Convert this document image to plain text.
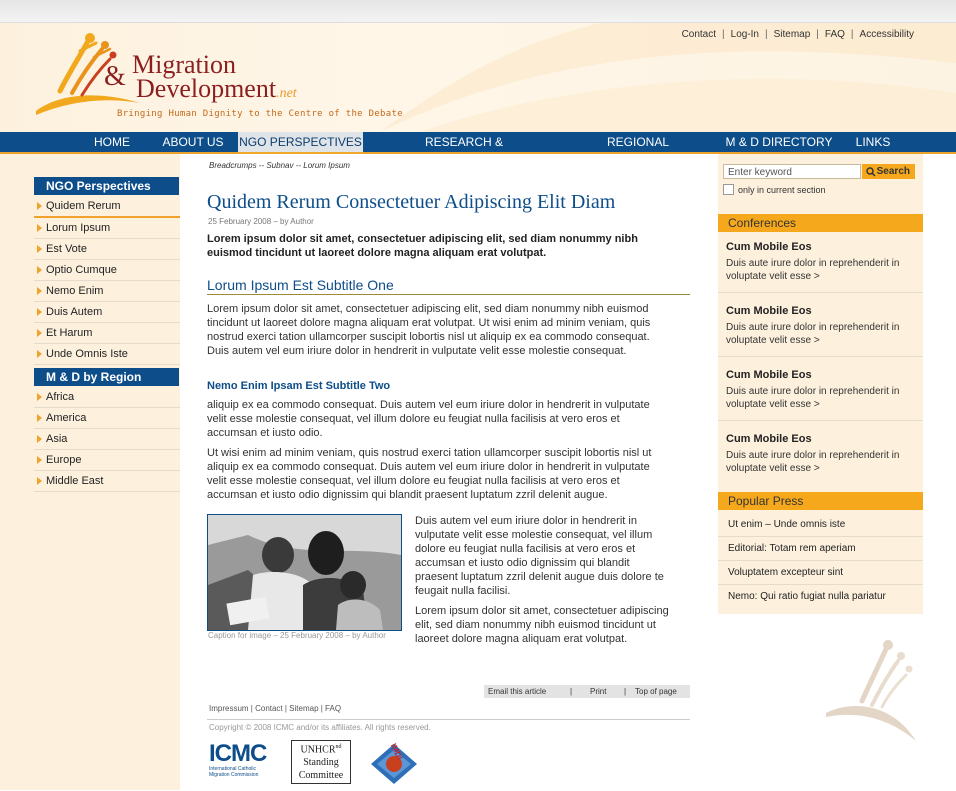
Contact | Log-In | Sitemap | FAQ | Accessibility
Migration
& Development.net
Bringing Human Dignity to the Centre of the Debate
HOME	ABOUT US	NGO PERSPECTIVES	RESEARCH & PUBLICATIONS
REGIONAL RESOURCES
M & D DIRECTORY	LINKS
NGO Perspectives
Quidem Rerum
Lorum Ipsum
Est Vote
Optio Cumque
Nemo Enim
Duis Autem
Et Harum
Unde Omnis Iste
M & D by Region
Africa
America
Asia
Europe
Middle East
Breadcrumps -- Subnav -- Lorum Ipsum
Quidem Rerum Consectetuer Adipiscing Elit Diam
25 February 2008 – by Author
Lorem ipsum dolor sit amet, consectetuer adipiscing elit, sed diam nonummy nibh
euismod tincidunt ut laoreet dolore magna aliquam erat volutpat.
Lorum Ipsum Est Subtitle One
Lorem ipsum dolor sit amet, consectetuer adipiscing elit, sed diam nonummy nibh euismod
tincidunt ut laoreet dolore magna aliquam erat volutpat. Ut wisi enim ad minim veniam, quis
nostrud exerci tation ullamcorper suscipit lobortis nisl ut aliquip ex ea commodo consequat.
Duis autem vel eum iriure dolor in hendrerit in vulputate velit esse molestie consequat.
Nemo Enim Ipsam Est Subtitle Two
aliquip ex ea commodo consequat. Duis autem vel eum iriure dolor in hendrerit in vulputate
velit esse molestie consequat, vel illum dolore eu feugiat nulla facilisis at vero eros et
accumsan et iusto odio.
Ut wisi enim ad minim veniam, quis nostrud exerci tation ullamcorper suscipit lobortis nisl ut
aliquip ex ea commodo consequat. Duis autem vel eum iriure dolor in hendrerit in vulputate
velit esse molestie consequat, vel illum dolore eu feugiat nulla facilisis at vero eros et
accumsan et iusto odio dignissim qui blandit praesent luptatum zzril delenit augue.
Caption for image – 25 February 2008 – by Author
Duis autem vel eum iriure dolor in hendrerit in
vulputate velit esse molestie consequat, vel illum
dolore eu feugiat nulla facilisis at vero eros et
accumsan et iusto odio dignissim qui blandit
praesent luptatum zzril delenit augue duis dolore te
feugait nulla facilisi.
Lorem ipsum dolor sit amet, consectetuer adipiscing
elit, sed diam nonummy nibh euismod tincidunt ut
laoreet dolore magna aliquam erat volutpat.
Email this article	| Print | Top of page
Impressum | Contact | Sitemap | FAQ
Copyright © 2008 ICMC and/or its affiliates. All rights reserved.
ICMC
International Catholic Migration Commission
$UNHCR^{nd}$
Standing
Committee
IMDI
Enter keyword	Search
only in current section
Conferences
Cum Mobile Eos
Duis aute irure dolor in reprehenderit in
voluptate velit esse >
Cum Mobile Eos
Duis aute irure dolor in reprehenderit in
voluptate velit esse >
Cum Mobile Eos
Duis aute irure dolor in reprehenderit in
voluptate velit esse >
Cum Mobile Eos
Duis aute irure dolor in reprehenderit in
voluptate velit esse >
Popular Press
Ut enim – Unde omnis iste
Editorial: Totam rem aperiam
Voluptatem excepteur sint
Nemo: Qui ratio fugiat nulla pariatur
